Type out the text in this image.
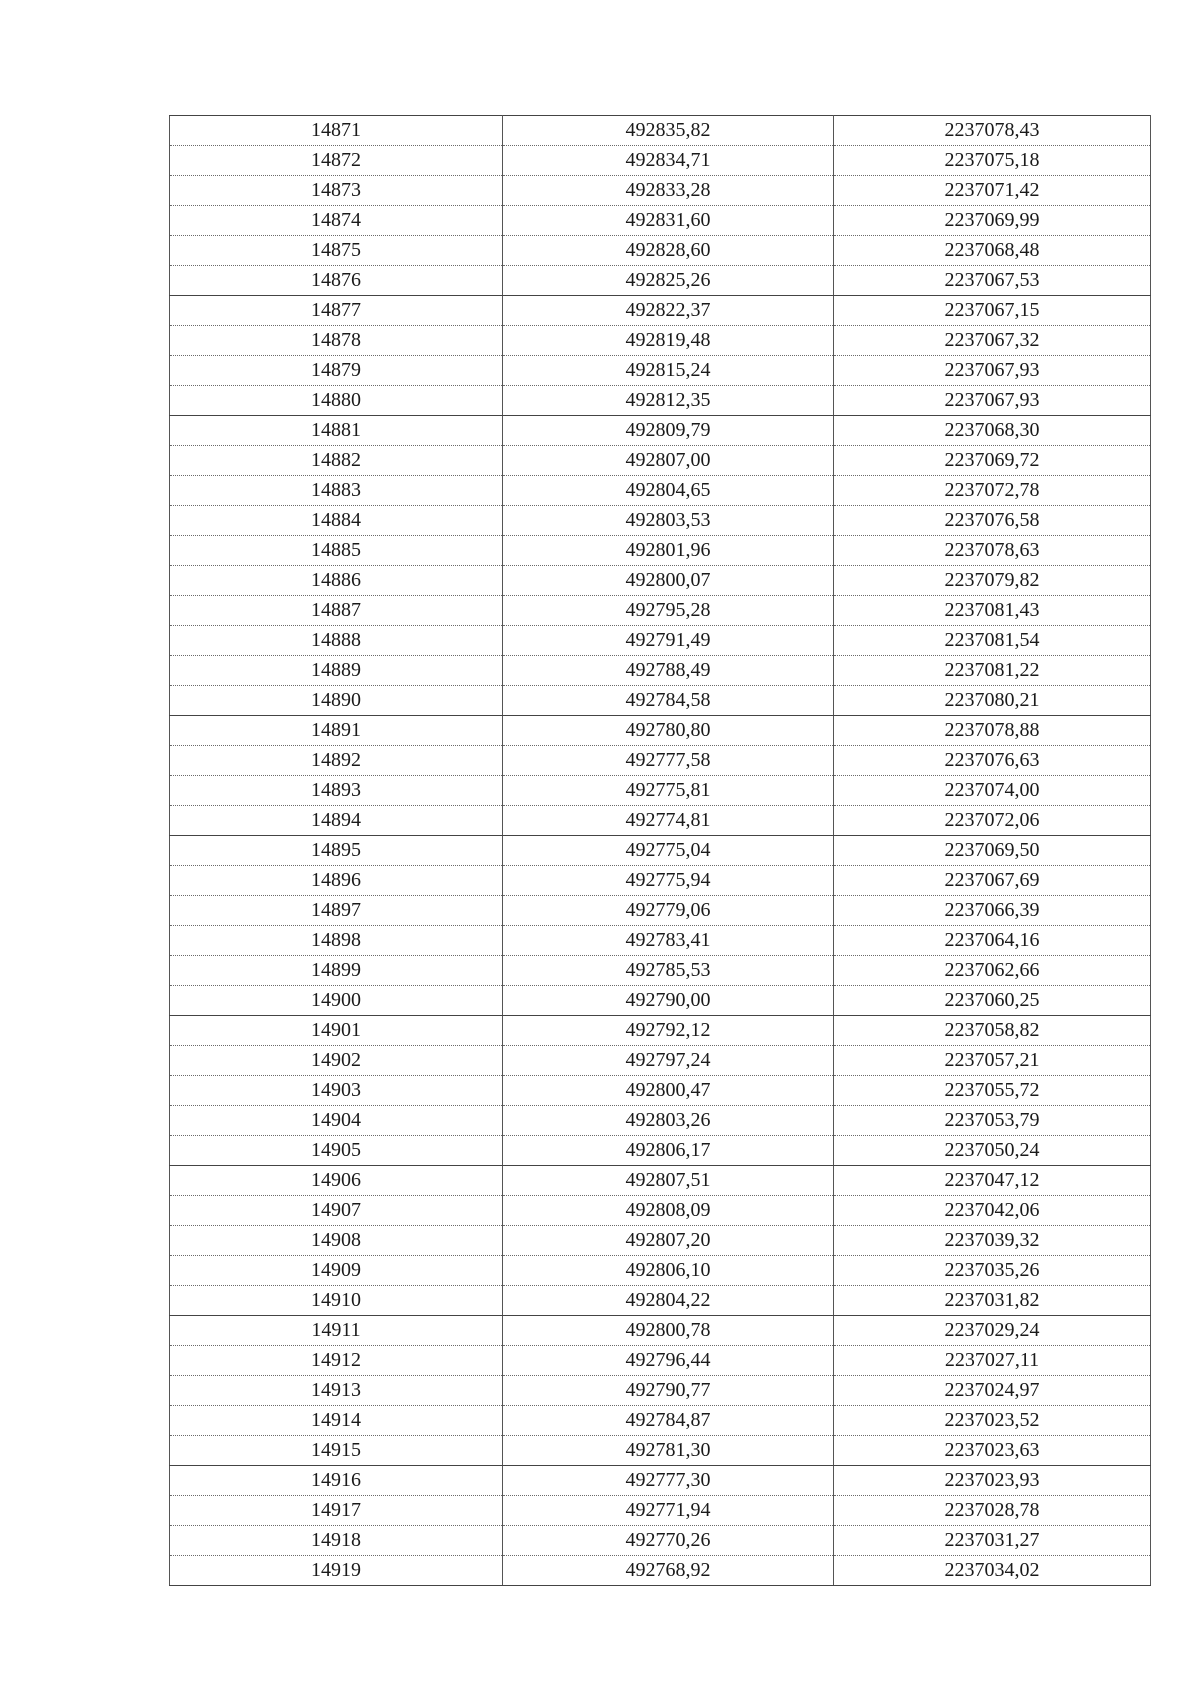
14871	492835,82	2237078,43
14872	492834,71	2237075,18
14873	492833,28	2237071,42
14874	492831,60	2237069,99
14875	492828,60	2237068,48
14876	492825,26	2237067,53
14877	492822,37	2237067,15
14878	492819,48	2237067,32
14879	492815,24	2237067,93
14880	492812,35	2237067,93
14881	492809,79	2237068,30
14882	492807,00	2237069,72
14883	492804,65	2237072,78
14884	492803,53	2237076,58
14885	492801,96	2237078,63
14886	492800,07	2237079,82
14887	492795,28	2237081,43
14888	492791,49	2237081,54
14889	492788,49	2237081,22
14890	492784,58	2237080,21
14891	492780,80	2237078,88
14892	492777,58	2237076,63
14893	492775,81	2237074,00
14894	492774,81	2237072,06
14895	492775,04	2237069,50
14896	492775,94	2237067,69
14897	492779,06	2237066,39
14898	492783,41	2237064,16
14899	492785,53	2237062,66
14900	492790,00	2237060,25
14901	492792,12	2237058,82
14902	492797,24	2237057,21
14903	492800,47	2237055,72
14904	492803,26	2237053,79
14905	492806,17	2237050,24
14906	492807,51	2237047,12
14907	492808,09	2237042,06
14908	492807,20	2237039,32
14909	492806,10	2237035,26
14910	492804,22	2237031,82
14911	492800,78	2237029,24
14912	492796,44	2237027,11
14913	492790,77	2237024,97
14914	492784,87	2237023,52
14915	492781,30	2237023,63
14916	492777,30	2237023,93
14917	492771,94	2237028,78
14918	492770,26	2237031,27
14919	492768,92	2237034,02
